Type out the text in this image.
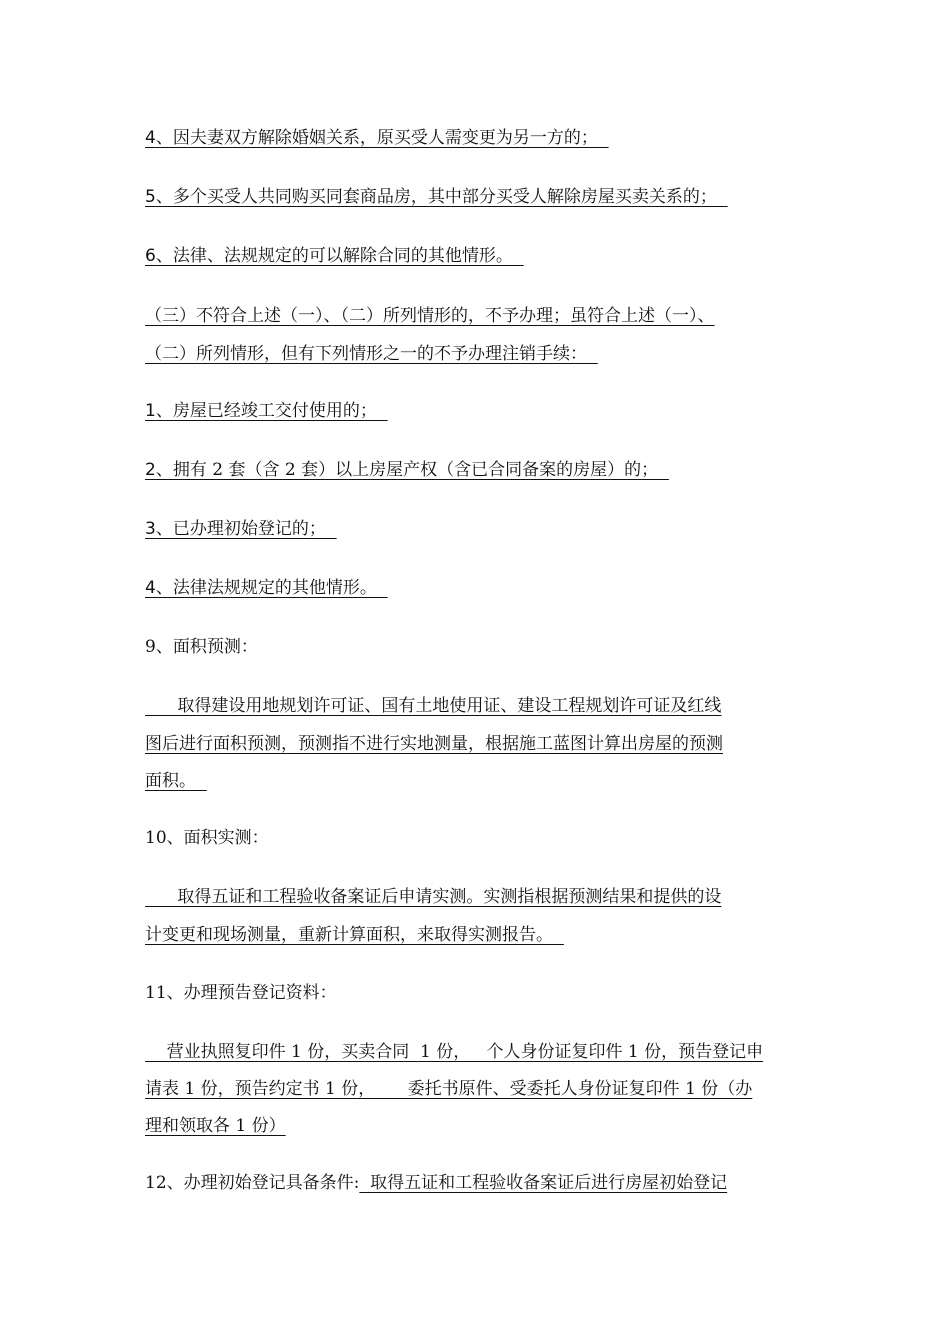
4、因夫妻双方解除婚姻关系，原买受人需变更为另一方的；
5、多个买受人共同购买同套商品房，其中部分买受人解除房屋买卖关系的；
6、法律、法规规定的可以解除合同的其他情形。
（三）不符合上述（一）、（二）所列情形的，不予办理；虽符合上述（一）、
（二）所列情形，但有下列情形之一的不予办理注销手续：
1、房屋已经竣工交付使用的；
2、拥有 2 套（含 2 套）以上房屋产权（含已合同备案的房屋）的；
3、已办理初始登记的；
4、法律法规规定的其他情形。
9、面积预测：
取得建设用地规划许可证、国有土地使用证、建设工程规划许可证及红线
图后进行面积预测，预测指不进行实地测量，根据施工蓝图计算出房屋的预测
面积。
10、面积实测：
取得五证和工程验收备案证后申请实测。实测指根据预测结果和提供的设
计变更和现场测量，重新计算面积，来取得实测报告。
11、办理预告登记资料：
营业执照复印件 1 份，买卖合同  1 份，   个人身份证复印件 1 份，预告登记申
请表 1 份，预告约定书 1 份，      委托书原件、受委托人身份证复印件 1 份（办
理和领取各 1 份）
12、办理初始登记具备条件:  取得五证和工程验收备案证后进行房屋初始登记
